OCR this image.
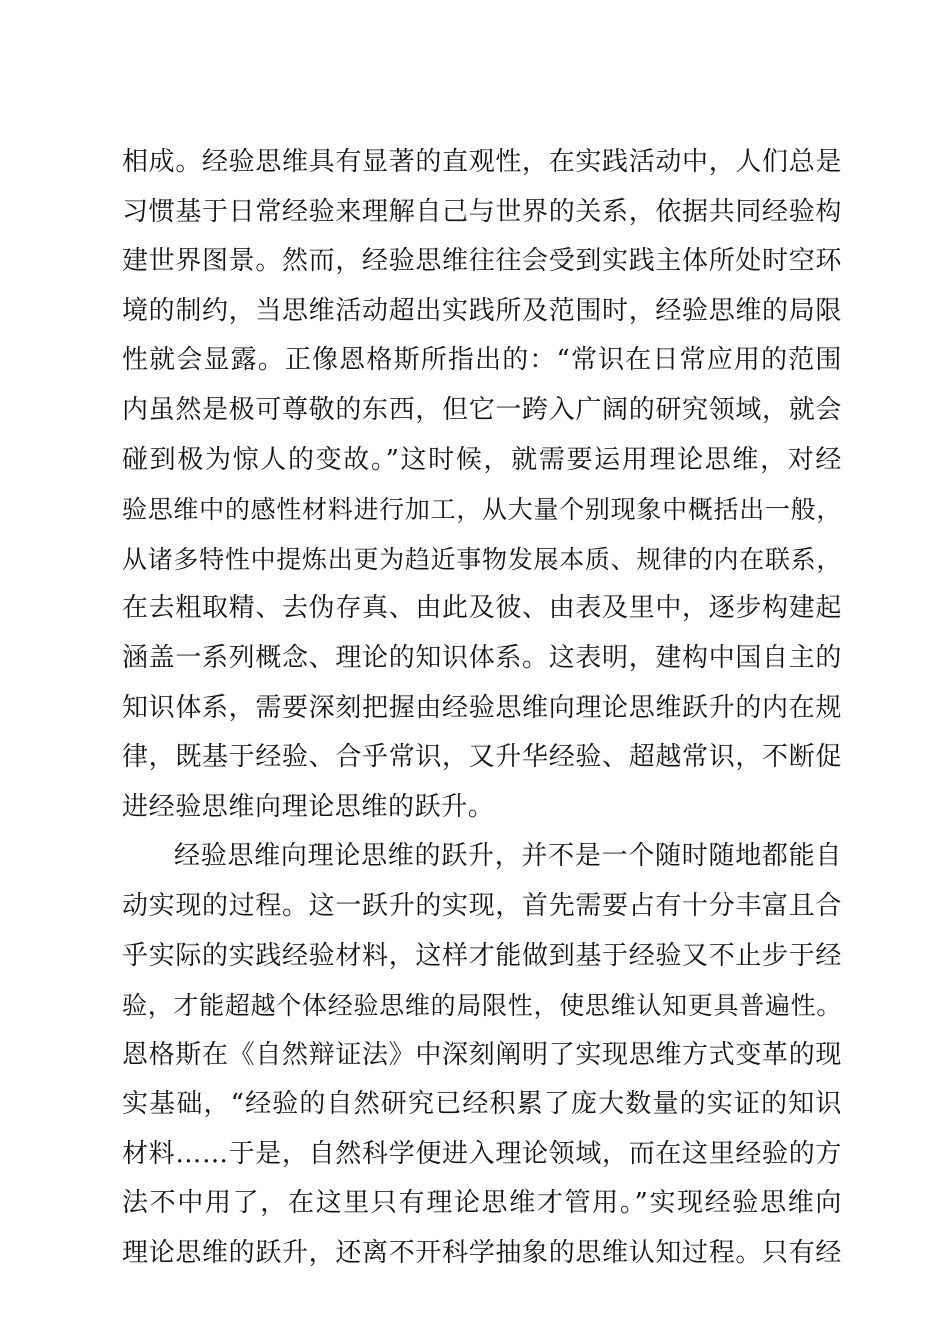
相成。经验思维具有显著的直观性，在实践活动中，人们总是
习惯基于日常经验来理解自己与世界的关系，依据共同经验构
建世界图景。然而，经验思维往往会受到实践主体所处时空环
境的制约，当思维活动超出实践所及范围时，经验思维的局限
性就会显露。正像恩格斯所指出的：“常识在日常应用的范围
内虽然是极可尊敬的东西，但它一跨入广阔的研究领域，就会
碰到极为惊人的变故。”这时候，就需要运用理论思维，对经
验思维中的感性材料进行加工，从大量个别现象中概括出一般，
从诸多特性中提炼出更为趋近事物发展本质、规律的内在联系，
在去粗取精、去伪存真、由此及彼、由表及里中，逐步构建起
涵盖一系列概念、理论的知识体系。这表明，建构中国自主的
知识体系，需要深刻把握由经验思维向理论思维跃升的内在规
律，既基于经验、合乎常识，又升华经验、超越常识，不断促
进经验思维向理论思维的跃升。
经验思维向理论思维的跃升，并不是一个随时随地都能自
动实现的过程。这一跃升的实现，首先需要占有十分丰富且合
乎实际的实践经验材料，这样才能做到基于经验又不止步于经
验，才能超越个体经验思维的局限性，使思维认知更具普遍性。
恩格斯在《自然辩证法》中深刻阐明了实现思维方式变革的现
实基础，“经验的自然研究已经积累了庞大数量的实证的知识
材料……于是，自然科学便进入理论领域，而在这里经验的方
法不中用了，在这里只有理论思维才管用。”实现经验思维向
理论思维的跃升，还离不开科学抽象的思维认知过程。只有经
